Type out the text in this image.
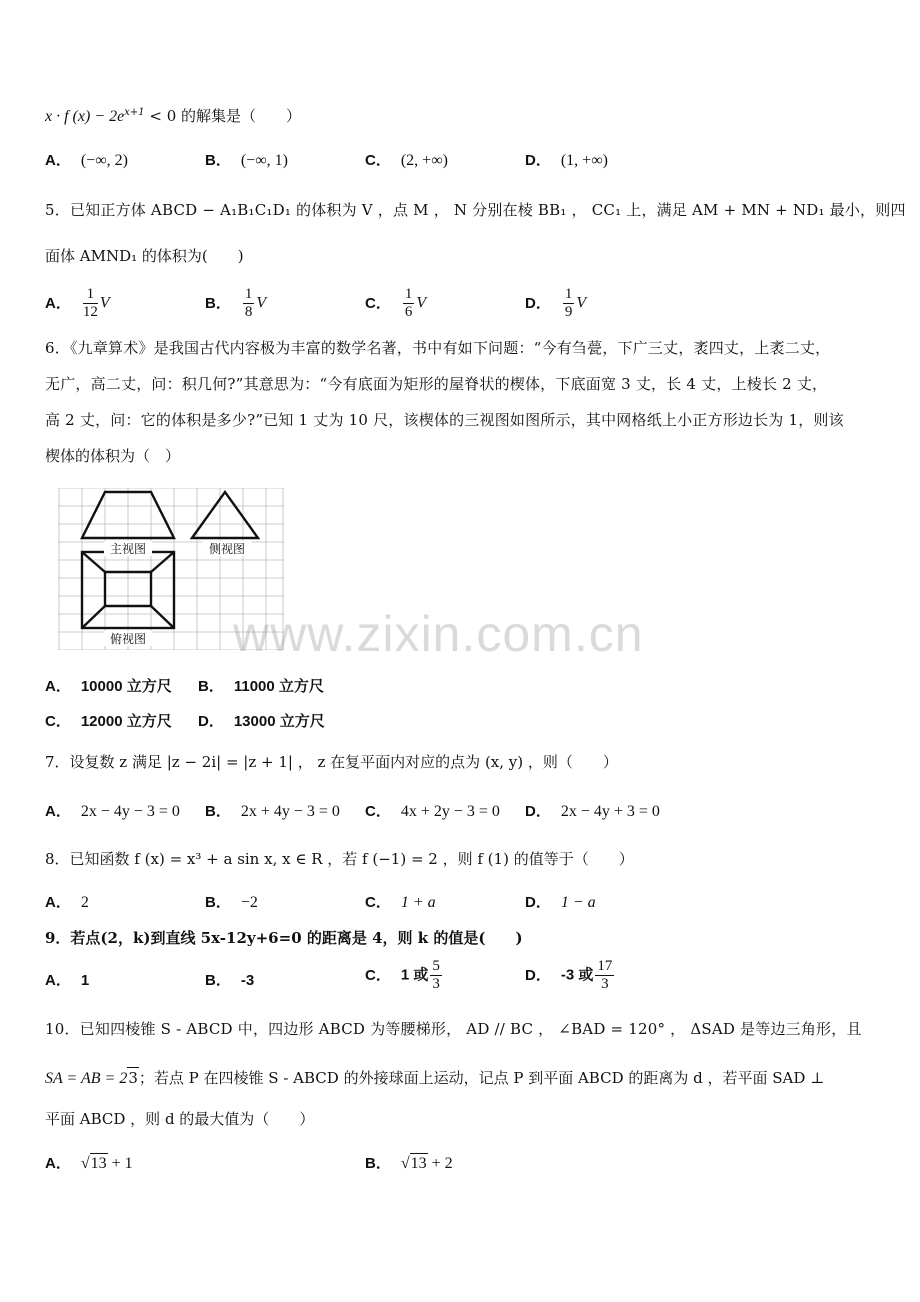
x · f $(x) - 2e^{x+1} < 0$ 的解集是（　　）
A． (−∞, 2)	B． (−∞, 1)	C． (2, +∞)	D． (1, +∞)
5．已知正方体 ABCD − A₁B₁C₁D₁ 的体积为 V ，点 M ， N 分别在棱 BB₁ ， CC₁ 上，满足 AM + MN + ND₁ 最小，则四
面体 AMND₁ 的体积为(　　)
A． $\frac{1}{12}$ V	B． $\frac{1}{8}$ V	C． $\frac{1}{6}$ V	D． $\frac{1}{9}$ V
6．《九章算术》是我国古代内容极为丰富的数学名著，书中有如下问题：“今有刍甍，下广三丈，袤四丈，上袤二丈，
无广，高二丈，问：积几何?”其意思为：“今有底面为矩形的屋脊状的楔体，下底面宽 3 丈，长 4 丈，上棱长 2 丈，
高 2 丈，问：它的体积是多少?”已知 1 丈为 10 尺，该楔体的三视图如图所示，其中网格纸上小正方形边长为 1，则该
楔体的体积为（　）
主视图	侧视图
俯视图 www.zixin.com.cn
A． 10000 立方尺 B． 11000 立方尺
C． 12000 立方尺 D． 13000 立方尺
7．设复数 z 满足 |z − 2i| = |z + 1| ， z 在复平面内对应的点为 (x, y) ，则（　　）
A． 2x − 4y − 3 = 0 B． 2x + 4y − 3 = 0 C． 4x + 2y − 3 = 0 D． 2x − 4y + 3 = 0
8．已知函数 f (x) = x³ + a sin x, x ∈ R ，若 f (−1) = 2 ，则 f (1) 的值等于（　　）
A． 2	B． −2	C． 1 + a	D． 1 − a
9．若点(2，k)到直线 5x-12y+6=0 的距离是 4，则 k 的值是(　　)
A． 1	B． -3	C． 1 或 $\frac{5}{3}$	D． -3 或 $\frac{17}{3}$
10．已知四棱锥 S - ABCD 中，四边形 ABCD 为等腰梯形， AD // BC ， ∠BAD = 120° ， ΔSAD 是等边三角形，且
SA = AB = 23；若点 P 在四棱锥 S - ABCD 的外接球面上运动，记点 P 到平面 ABCD 的距离为 d ，若平面 SAD ⊥
平面 ABCD ，则 d 的最大值为（　　）
A． √13 + 1	B． √13 + 2
